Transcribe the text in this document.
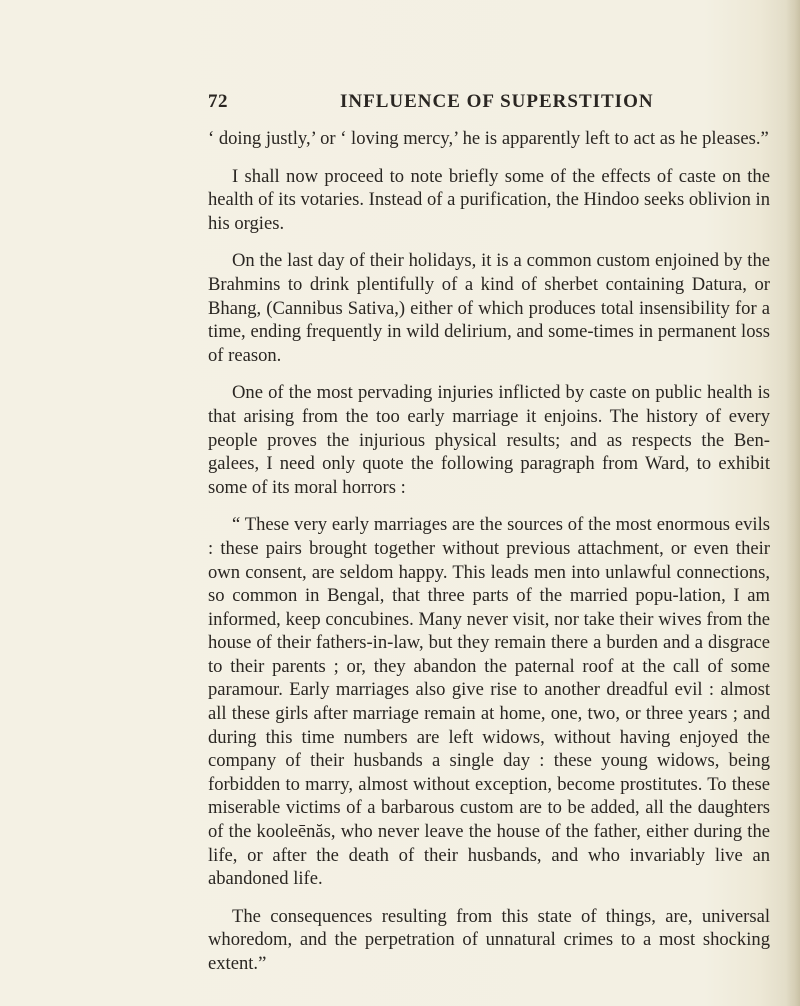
72	INFLUENCE OF SUPERSTITION

‘ doing justly,’ or ‘ loving mercy,’ he is apparently left to act as he pleases.”

I shall now proceed to note briefly some of the effects of caste on the health of its votaries. Instead of a purification, the Hindoo seeks oblivion in his orgies.

On the last day of their holidays, it is a common custom enjoined by the Brahmins to drink plentifully of a kind of sherbet containing Datura, or Bhang, (Cannibus Sativa,) either of which produces total insensibility for a time, ending frequently in wild delirium, and some-times in permanent loss of reason.

One of the most pervading injuries inflicted by caste on public health is that arising from the too early marriage it enjoins. The history of every people proves the injurious physical results; and as respects the Ben-galees, I need only quote the following paragraph from Ward, to exhibit some of its moral horrors :

“ These very early marriages are the sources of the most enormous evils : these pairs brought together without previous attachment, or even their own consent, are seldom happy. This leads men into unlawful connections, so common in Bengal, that three parts of the married popu-lation, I am informed, keep concubines. Many never visit, nor take their wives from the house of their fathers-in-law, but they remain there a burden and a disgrace to their parents ; or, they abandon the paternal roof at the call of some paramour. Early marriages also give rise to another dreadful evil : almost all these girls after marriage remain at home, one, two, or three years ; and during this time numbers are left widows, without having enjoyed the company of their husbands a single day : these young widows, being forbidden to marry, almost without exception, become prostitutes. To these miserable victims of a barbarous custom are to be added, all the daughters of the kooleēnăs, who never leave the house of the father, either during the life, or after the death of their husbands, and who invariably live an abandoned life.

The consequences resulting from this state of things, are, universal whoredom, and the perpetration of unnatural crimes to a most shocking extent.”
